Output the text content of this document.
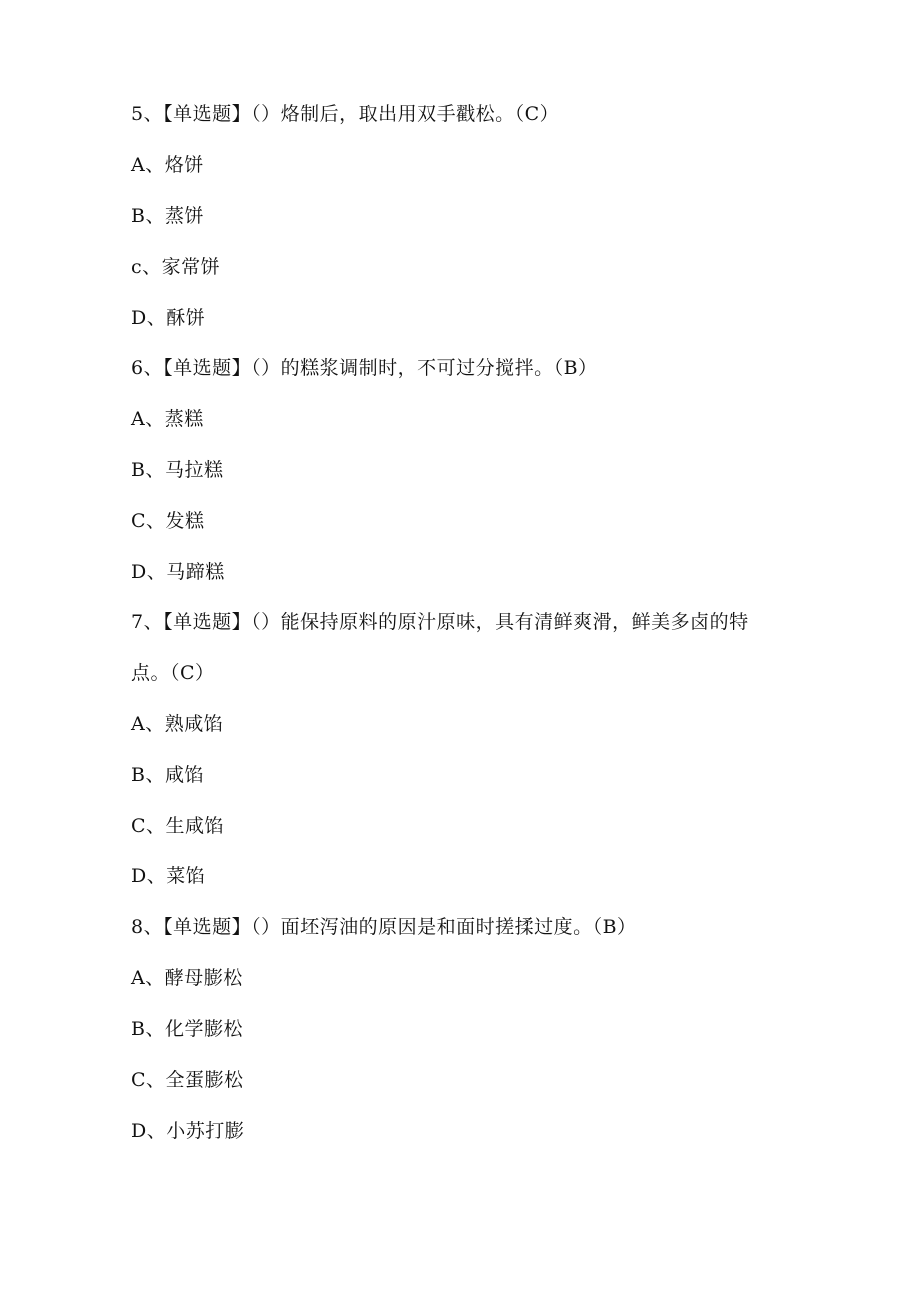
5、【单选题】（）烙制后，取出用双手戳松。（C）
A、烙饼
B、蒸饼
c、家常饼
D、酥饼
6、【单选题】（）的糕浆调制时，不可过分搅拌。（B）
A、蒸糕
B、马拉糕
C、发糕
D、马蹄糕
7、【单选题】（）能保持原料的原汁原味，具有清鲜爽滑，鲜美多卤的特
点。（C）
A、熟咸馅
B、咸馅
C、生咸馅
D、菜馅
8、【单选题】（）面坯泻油的原因是和面时搓揉过度。（B）
A、酵母膨松
B、化学膨松
C、全蛋膨松
D、小苏打膨
